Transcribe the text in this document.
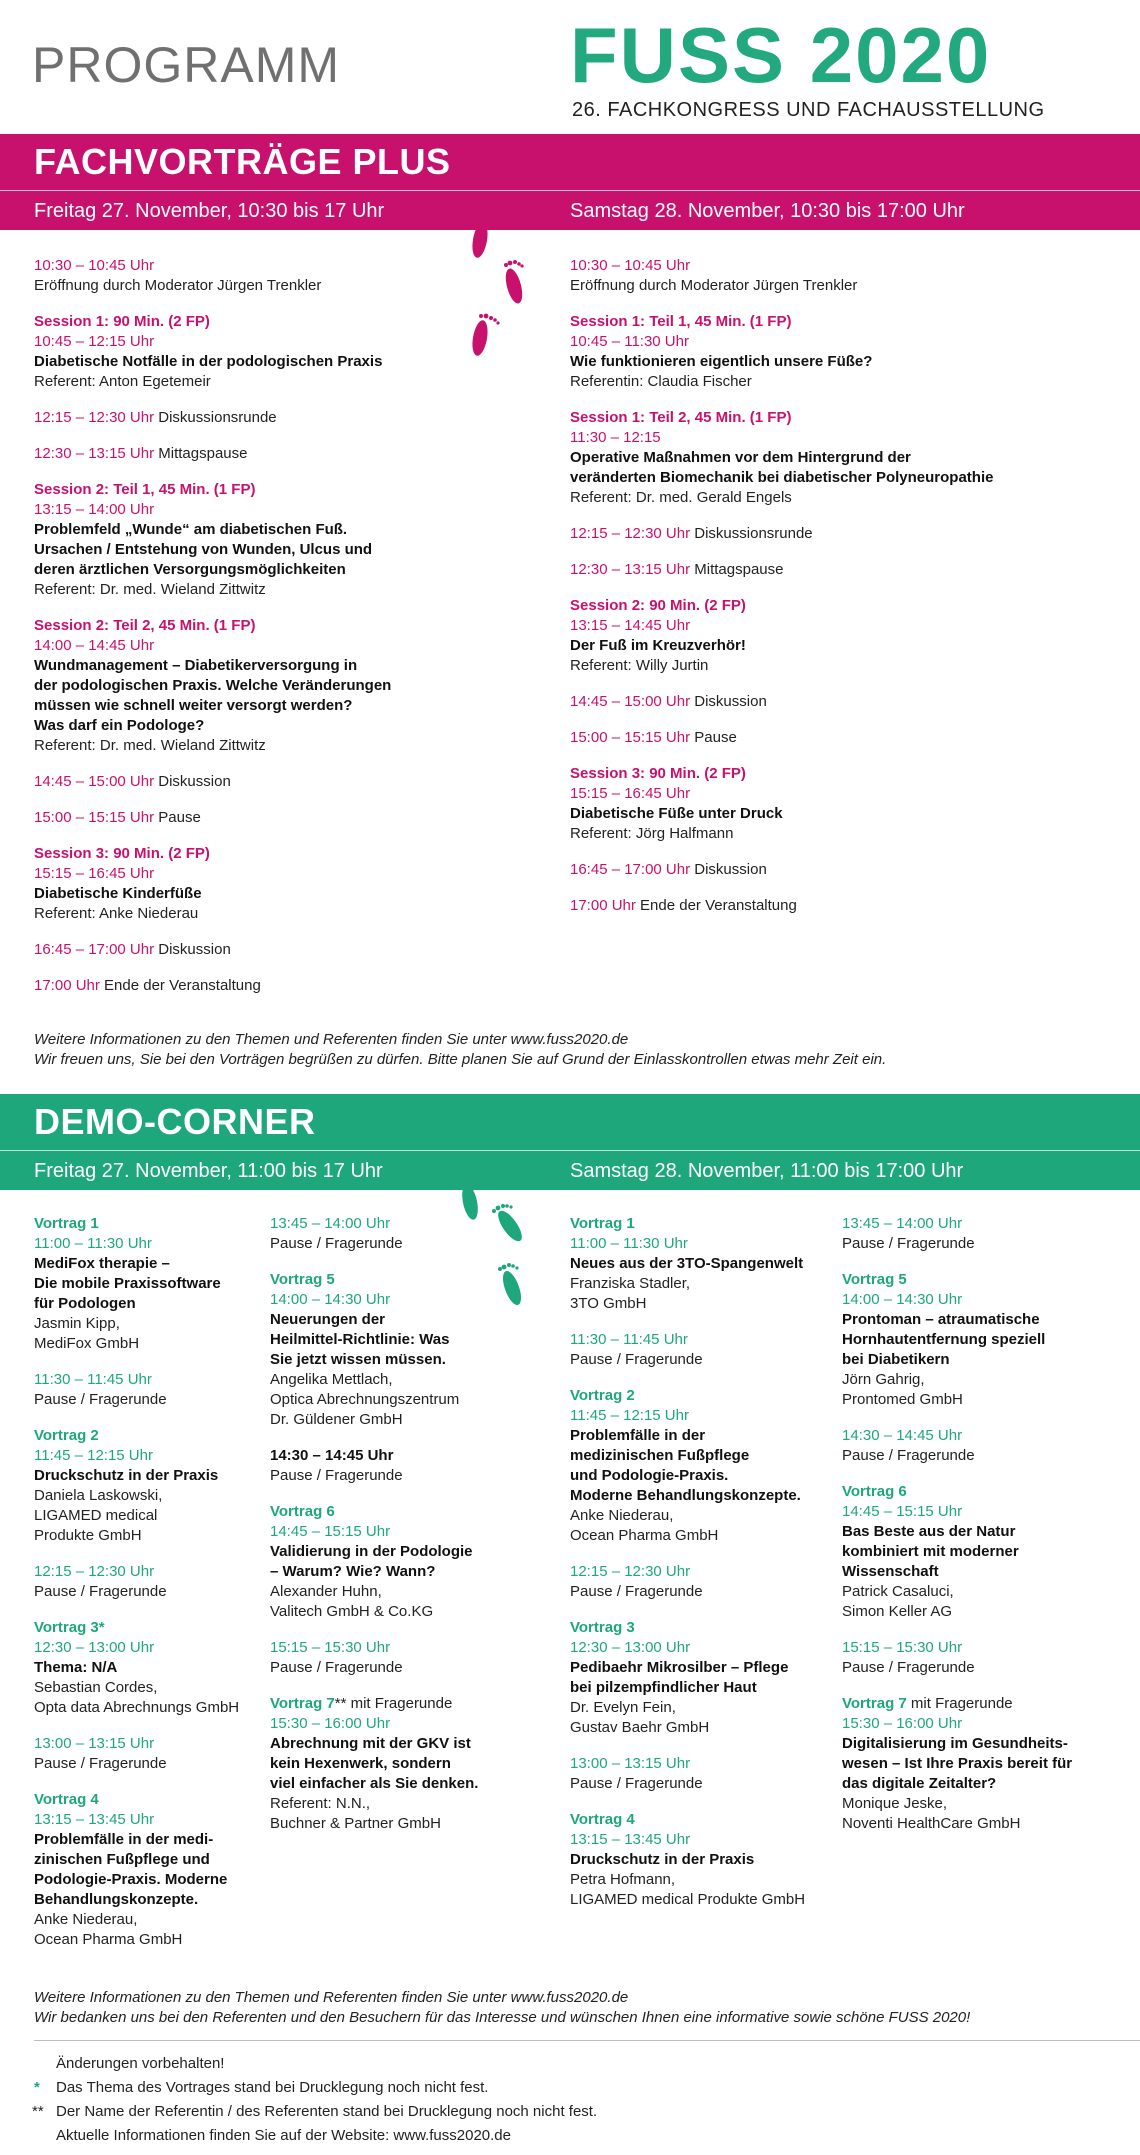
PROGRAMM	FUSS 2020
26. FACHKONGRESS UND FACHAUSSTELLUNG
FACHVORTRÄGE PLUS
Freitag 27. November, 10:30 bis 17 Uhr	Samstag 28. November, 10:30 bis 17:00 Uhr
10:30 – 10:45 Uhr
Eröffnung durch Moderator Jürgen Trenkler
Session 1: 90 Min. (2 FP)
10:45 – 12:15 Uhr
Diabetische Notfälle in der podologischen Praxis
Referent: Anton Egetemeir
12:15 – 12:30 Uhr Diskussionsrunde
12:30 – 13:15 Uhr Mittagspause
Session 2: Teil 1, 45 Min. (1 FP)
13:15 – 14:00 Uhr
Problemfeld „Wunde“ am diabetischen Fuß.
Ursachen / Entstehung von Wunden, Ulcus und
deren ärztlichen Versorgungsmöglichkeiten
Referent: Dr. med. Wieland Zittwitz
Session 2: Teil 2, 45 Min. (1 FP)
14:00 – 14:45 Uhr
Wundmanagement – Diabetikerversorgung in
der podologischen Praxis. Welche Veränderungen
müssen wie schnell weiter versorgt werden?
Was darf ein Podologe?
Referent: Dr. med. Wieland Zittwitz
14:45 – 15:00 Uhr Diskussion
15:00 – 15:15 Uhr Pause
Session 3: 90 Min. (2 FP)
15:15 – 16:45 Uhr
Diabetische Kinderfüße
Referent: Anke Niederau
16:45 – 17:00 Uhr Diskussion
17:00 Uhr Ende der Veranstaltung
10:30 – 10:45 Uhr
Eröffnung durch Moderator Jürgen Trenkler
Session 1: Teil 1, 45 Min. (1 FP)
10:45 – 11:30 Uhr
Wie funktionieren eigentlich unsere Füße?
Referentin: Claudia Fischer
Session 1: Teil 2, 45 Min. (1 FP)
11:30 – 12:15
Operative Maßnahmen vor dem Hintergrund der
veränderten Biomechanik bei diabetischer Polyneuropathie
Referent: Dr. med. Gerald Engels
12:15 – 12:30 Uhr Diskussionsrunde
12:30 – 13:15 Uhr Mittagspause
Session 2: 90 Min. (2 FP)
13:15 – 14:45 Uhr
Der Fuß im Kreuzverhör!
Referent: Willy Jurtin
14:45 – 15:00 Uhr Diskussion
15:00 – 15:15 Uhr Pause
Session 3: 90 Min. (2 FP)
15:15 – 16:45 Uhr
Diabetische Füße unter Druck
Referent: Jörg Halfmann
16:45 – 17:00 Uhr Diskussion
17:00 Uhr Ende der Veranstaltung
Weitere Informationen zu den Themen und Referenten finden Sie unter www.fuss2020.de
Wir freuen uns, Sie bei den Vorträgen begrüßen zu dürfen. Bitte planen Sie auf Grund der Einlasskontrollen etwas mehr Zeit ein.
DEMO-CORNER
Freitag 27. November, 11:00 bis 17 Uhr	Samstag 28. November, 11:00 bis 17:00 Uhr
Vortrag 1
11:00 – 11:30 Uhr
MediFox therapie –
Die mobile Praxissoftware
für Podologen
Jasmin Kipp,
MediFox GmbH
11:30 – 11:45 Uhr
Pause / Fragerunde
Vortrag 2
11:45 – 12:15 Uhr
Druckschutz in der Praxis
Daniela Laskowski,
LIGAMED medical
Produkte GmbH
12:15 – 12:30 Uhr
Pause / Fragerunde
Vortrag 3*
12:30 – 13:00 Uhr
Thema: N/A
Sebastian Cordes,
Opta data Abrechnungs GmbH
13:00 – 13:15 Uhr
Pause / Fragerunde
Vortrag 4
13:15 – 13:45 Uhr
Problemfälle in der medi-
zinischen Fußpflege und
Podologie-Praxis. Moderne
Behandlungskonzepte.
Anke Niederau,
Ocean Pharma GmbH
13:45 – 14:00 Uhr
Pause / Fragerunde
Vortrag 5
14:00 – 14:30 Uhr
Neuerungen der
Heilmittel-Richtlinie: Was
Sie jetzt wissen müssen.
Angelika Mettlach,
Optica Abrechnungszentrum
Dr. Güldener GmbH
14:30 – 14:45 Uhr
Pause / Fragerunde
Vortrag 6
14:45 – 15:15 Uhr
Validierung in der Podologie
– Warum? Wie? Wann?
Alexander Huhn,
Valitech GmbH & Co.KG
15:15 – 15:30 Uhr
Pause / Fragerunde
Vortrag 7** mit Fragerunde
15:30 – 16:00 Uhr
Abrechnung mit der GKV ist
kein Hexenwerk, sondern
viel einfacher als Sie denken.
Referent: N.N.,
Buchner & Partner GmbH
Vortrag 1
11:00 – 11:30 Uhr
Neues aus der 3TO-Spangenwelt
Franziska Stadler,
3TO GmbH
11:30 – 11:45 Uhr
Pause / Fragerunde
Vortrag 2
11:45 – 12:15 Uhr
Problemfälle in der
medizinischen Fußpflege
und Podologie-Praxis.
Moderne Behandlungskonzepte.
Anke Niederau,
Ocean Pharma GmbH
12:15 – 12:30 Uhr
Pause / Fragerunde
Vortrag 3
12:30 – 13:00 Uhr
Pedibaehr Mikrosilber – Pflege
bei pilzempfindlicher Haut
Dr. Evelyn Fein,
Gustav Baehr GmbH
13:00 – 13:15 Uhr
Pause / Fragerunde
Vortrag 4
13:15 – 13:45 Uhr
Druckschutz in der Praxis
Petra Hofmann,
LIGAMED medical Produkte GmbH
13:45 – 14:00 Uhr
Pause / Fragerunde
Vortrag 5
14:00 – 14:30 Uhr
Prontoman – atraumatische
Hornhautentfernung speziell
bei Diabetikern
Jörn Gahrig,
Prontomed GmbH
14:30 – 14:45 Uhr
Pause / Fragerunde
Vortrag 6
14:45 – 15:15 Uhr
Bas Beste aus der Natur
kombiniert mit moderner
Wissenschaft
Patrick Casaluci,
Simon Keller AG
15:15 – 15:30 Uhr
Pause / Fragerunde
Vortrag 7 mit Fragerunde
15:30 – 16:00 Uhr
Digitalisierung im Gesundheits-
wesen – Ist Ihre Praxis bereit für
das digitale Zeitalter?
Monique Jeske,
Noventi HealthCare GmbH
Weitere Informationen zu den Themen und Referenten finden Sie unter www.fuss2020.de
Wir bedanken uns bei den Referenten und den Besuchern für das Interesse und wünschen Ihnen eine informative sowie schöne FUSS 2020!
Änderungen vorbehalten!
* Das Thema des Vortrages stand bei Drucklegung noch nicht fest.
** Der Name der Referentin / des Referenten stand bei Drucklegung noch nicht fest.
Aktuelle Informationen finden Sie auf der Website: www.fuss2020.de
